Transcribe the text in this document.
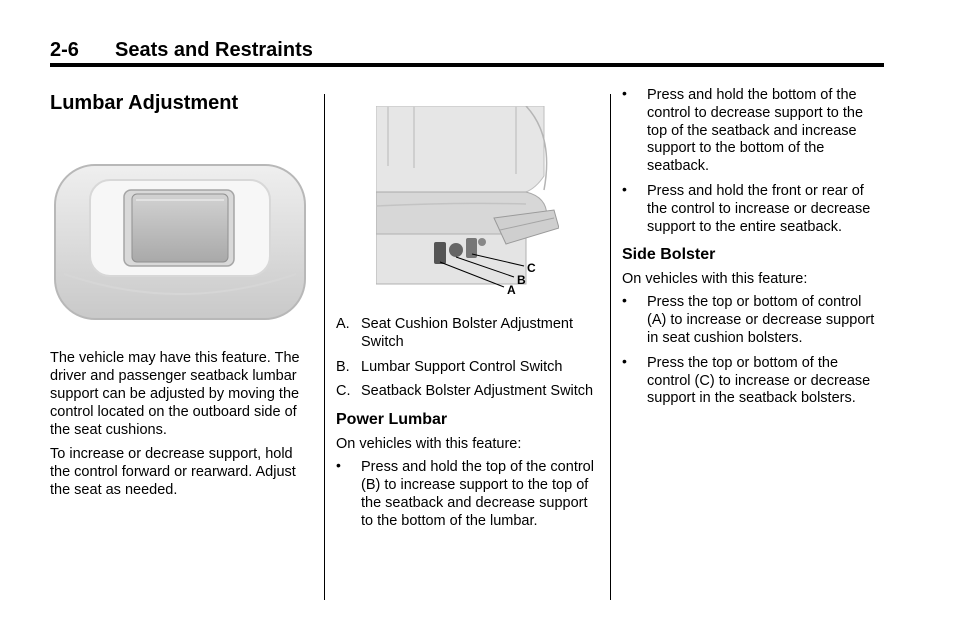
2-6 Seats and Restraints
Lumbar Adjustment

The vehicle may have this feature. The driver and passenger seatback lumbar support can be adjusted by moving the control located on the outboard side of the seat cushions.

To increase or decrease support, hold the control forward or rearward. Adjust the seat as needed.

A
B
C
A. Seat Cushion Bolster Adjustment Switch
B. Lumbar Support Control Switch
C. Seatback Bolster Adjustment Switch
Power Lumbar

On vehicles with this feature:

• Press and hold the top of the control (B) to increase support to the top of the seatback and decrease support to the bottom of the lumbar.
• Press and hold the bottom of the control to decrease support to the top of the seatback and increase support to the bottom of the seatback.
• Press and hold the front or rear of the control to increase or decrease support to the entire seatback.
Side Bolster

On vehicles with this feature:

• Press the top or bottom of control (A) to increase or decrease support in seat cushion bolsters.
• Press the top or bottom of the control (C) to increase or decrease support in the seatback bolsters.
